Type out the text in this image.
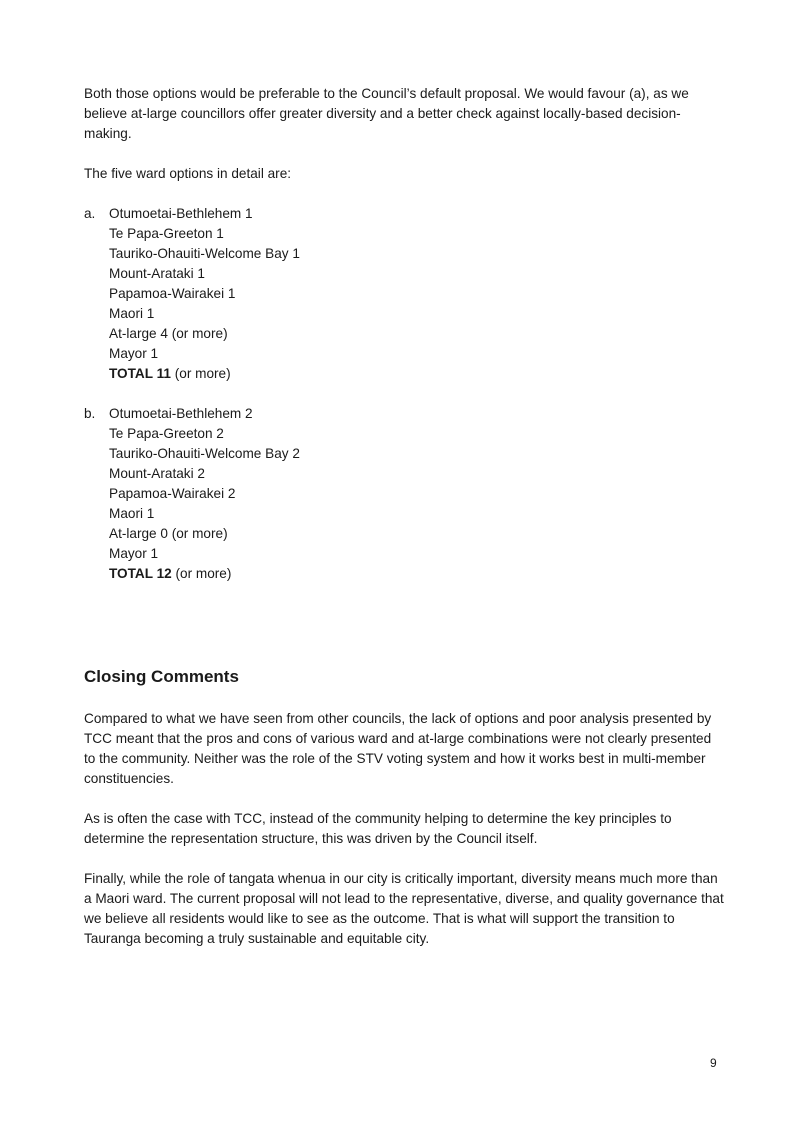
Both those options would be preferable to the Council’s default proposal. We would favour (a), as we believe at-large councillors offer greater diversity and a better check against locally-based decision-making.

The five ward options in detail are:

a. Otumoetai-Bethlehem 1
Te Papa-Greeton 1
Tauriko-Ohauiti-Welcome Bay 1
Mount-Arataki 1
Papamoa-Wairakei 1
Maori 1
At-large 4 (or more)
Mayor 1
TOTAL 11 (or more)
b. Otumoetai-Bethlehem 2
Te Papa-Greeton 2
Tauriko-Ohauiti-Welcome Bay 2
Mount-Arataki 2
Papamoa-Wairakei 2
Maori 1
At-large 0 (or more)
Mayor 1
TOTAL 12 (or more)
Closing Comments

Compared to what we have seen from other councils, the lack of options and poor analysis presented by TCC meant that the pros and cons of various ward and at-large combinations were not clearly presented to the community. Neither was the role of the STV voting system and how it works best in multi-member constituencies.

As is often the case with TCC, instead of the community helping to determine the key principles to determine the representation structure, this was driven by the Council itself.

Finally, while the role of tangata whenua in our city is critically important, diversity means much more than a Maori ward. The current proposal will not lead to the representative, diverse, and quality governance that we believe all residents would like to see as the outcome. That is what will support the transition to Tauranga becoming a truly sustainable and equitable city.

9
